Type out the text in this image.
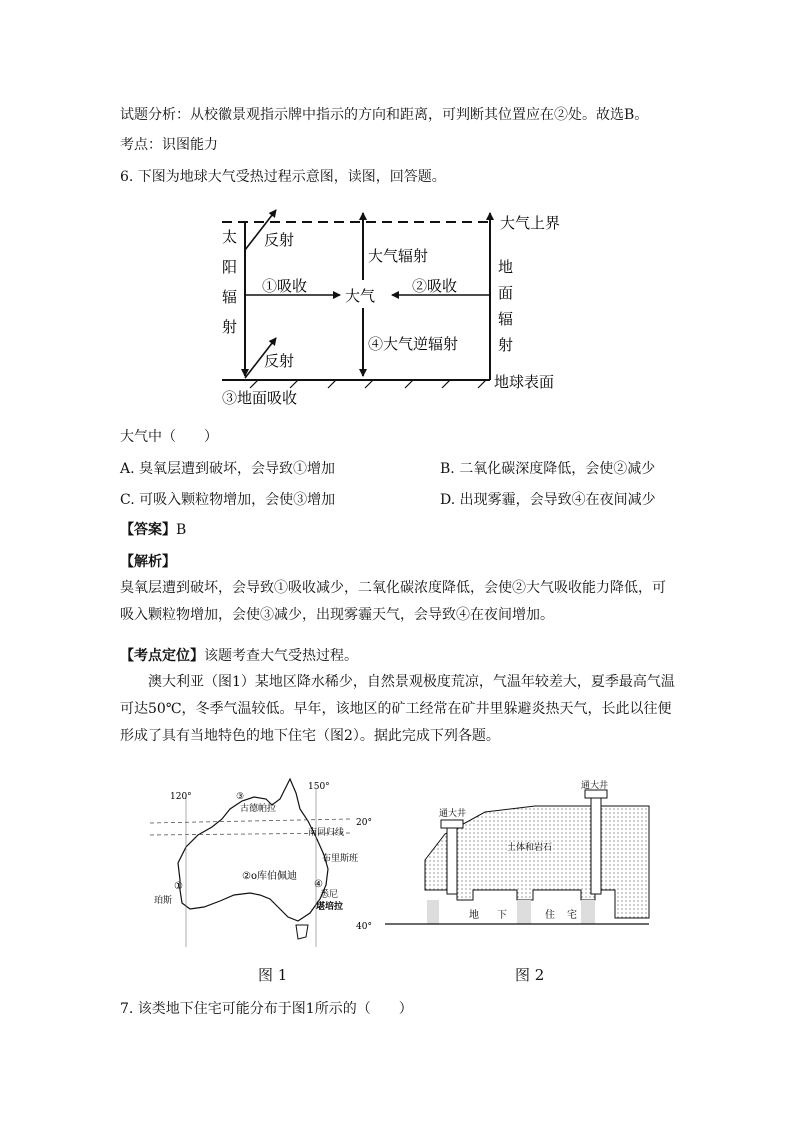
试题分析：从校徽景观指示牌中指示的方向和距离，可判断其位置应在②处。故选B。
考点：识图能力
6. 下图为地球大气受热过程示意图，读图，回答题。
大气上界
地球表面
太
阳
辐
射
反射
反射
③地面吸收
①吸收
大气
②吸收
大气辐射
④大气逆辐射
地
面
辐
射
大气中（　　）
A. 臭氧层遭到破坏，会导致①增加	B. 二氧化碳深度降低，会使②减少
C. 可吸入颗粒物增加，会使③增加	D. 出现雾霾，会导致④在夜间减少
【答案】B
【解析】
臭氧层遭到破坏，会导致①吸收减少，二氧化碳浓度降低，会使②大气吸收能力降低，可吸入颗粒物增加，会使③减少，出现雾霾天气，会导致④在夜间增加。
【考点定位】该题考查大气受热过程。
澳大利亚（图1）某地区降水稀少，自然景观极度荒凉，气温年较差大，夏季最高气温可达50℃，冬季气温较低。早年，该地区的矿工经常在矿井里躲避炎热天气，长此以往便形成了具有当地特色的地下住宅（图2）。据此完成下列各题。
120°
150°
20°
40°
古德帕拉
③
南回归线
布里斯班
②o库伯佩迪
④
悉尼
堪培拉
①
珀斯
图 1
通大井
通大井
土体和岩石
地 下	住 宅
图 2
7. 该类地下住宅可能分布于图1所示的（　　）
